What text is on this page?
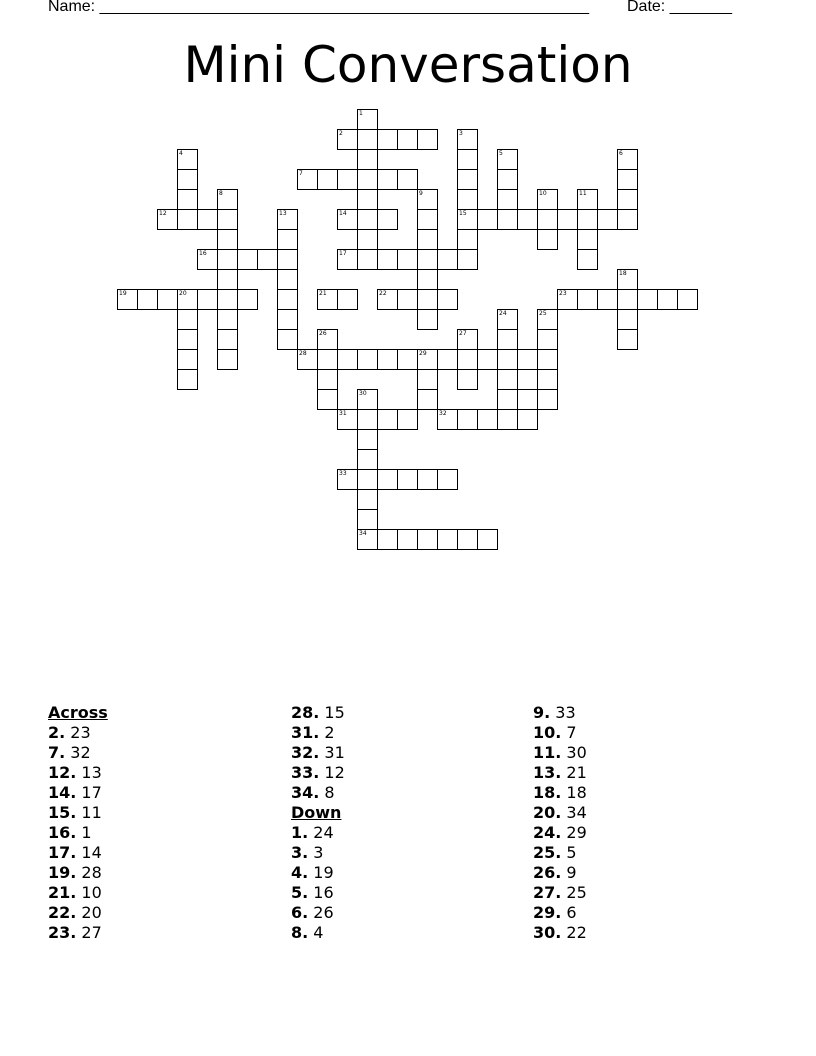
Name: _______________________________________________________ Date: _______
Mini Conversation
1
2	3
4	5	6
7
8	9	10	11
12	13	14	15
16	17
18
19	20	21	22	23
24	25
26	27
28	29
30
31	32
33
34
Across
2. 23
7. 32
12. 13
14. 17
15. 11
16. 1
17. 14
19. 28
21. 10
22. 20
23. 27
28. 15
31. 2
32. 31
33. 12
34. 8
Down
1. 24
3. 3
4. 19
5. 16
6. 26
8. 4
9. 33
10. 7
11. 30
13. 21
18. 18
20. 34
24. 29
25. 5
26. 9
27. 25
29. 6
30. 22
